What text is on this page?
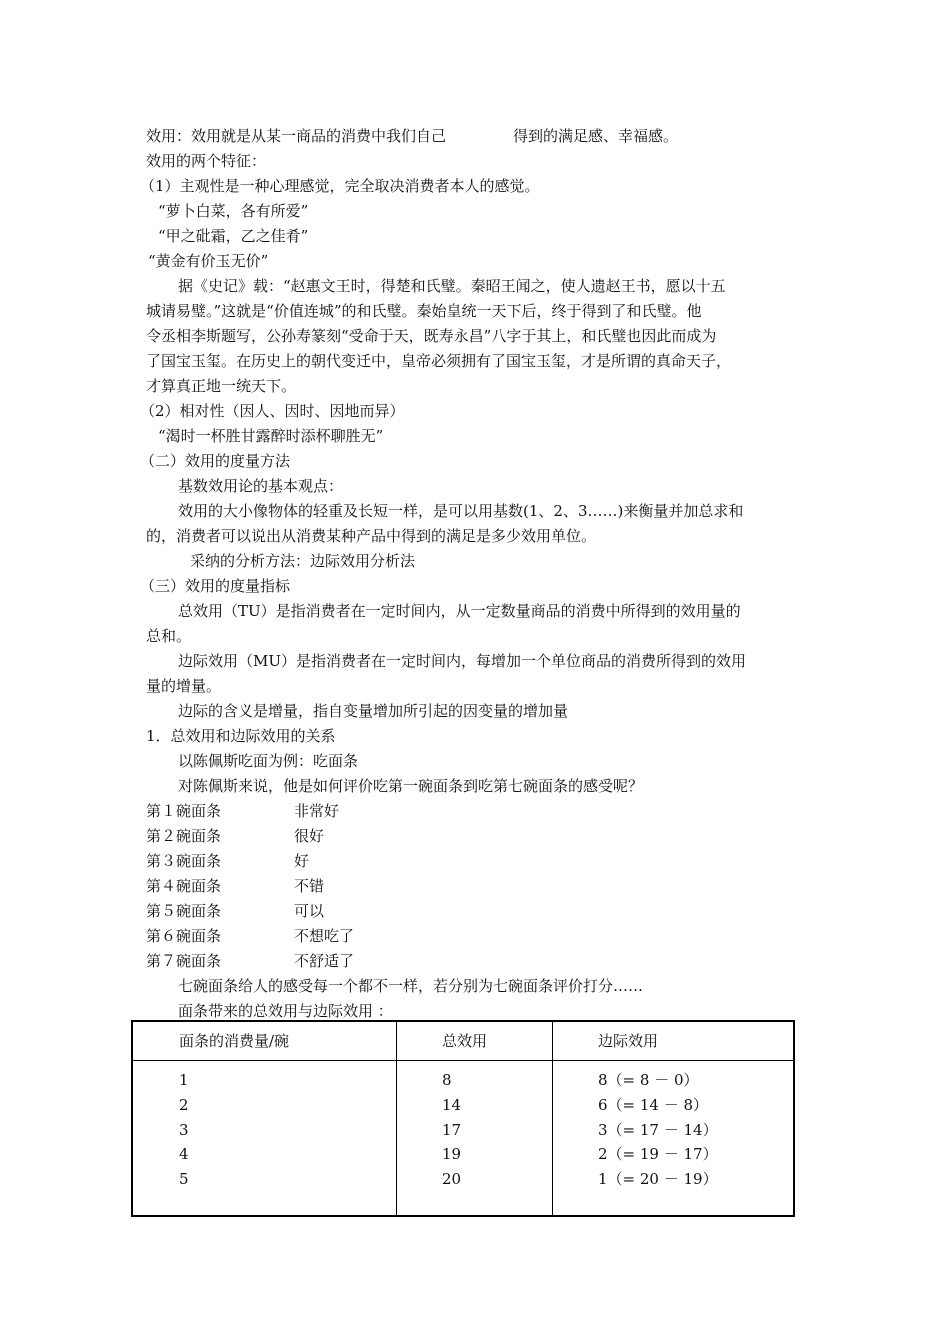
效用：效用就是从某一商品的消费中我们自己	得到的满足感、幸福感。
效用的两个特征：
（1）主观性是一种心理感觉，完全取决消费者本人的感觉。
“萝卜白菜，各有所爱”
“甲之砒霜，乙之佳肴”
“黄金有价玉无价”
据《史记》载：“赵惠文王时，得楚和氏璧。秦昭王闻之，使人遗赵王书，愿以十五
城请易璧。”这就是“价值连城”的和氏璧。秦始皇统一天下后，终于得到了和氏璧。他
令丞相李斯题写，公孙寿篆刻“受命于天，既寿永昌”八字于其上，和氏璧也因此而成为
了国宝玉玺。在历史上的朝代变迁中，皇帝必须拥有了国宝玉玺，才是所谓的真命天子，
才算真正地一统天下。
（2）相对性（因人、因时、因地而异）
“渴时一杯胜甘露醉时添杯聊胜无”
（二）效用的度量方法
基数效用论的基本观点：
效用的大小像物体的轻重及长短一样，是可以用基数(1、2、3……)来衡量并加总求和
的，消费者可以说出从消费某种产品中得到的满足是多少效用单位。
采纳的分析方法：边际效用分析法
（三）效用的度量指标
总效用（TU）是指消费者在一定时间内，从一定数量商品的消费中所得到的效用量的
总和。
边际效用（MU）是指消费者在一定时间内，每增加一个单位商品的消费所得到的效用
量的增量。
边际的含义是增量，指自变量增加所引起的因变量的增加量
1．总效用和边际效用的关系
以陈佩斯吃面为例：吃面条
对陈佩斯来说，他是如何评价吃第一碗面条到吃第七碗面条的感受呢？
第１碗面条	非常好
第２碗面条	很好
第３碗面条	好
第４碗面条	不错
第５碗面条	可以
第６碗面条	不想吃了
第７碗面条	不舒适了
七碗面条给人的感受每一个都不一样，若分别为七碗面条评价打分……
面条带来的总效用与边际效用 ：
面条的消费量/碗	总效用	边际效用
1	8	8（= 8 － 0）
2	14	6（= 14 － 8）
3	17	3（= 17 － 14）
4	19	2（= 19 － 17）
5	20	1（= 20 － 19）
